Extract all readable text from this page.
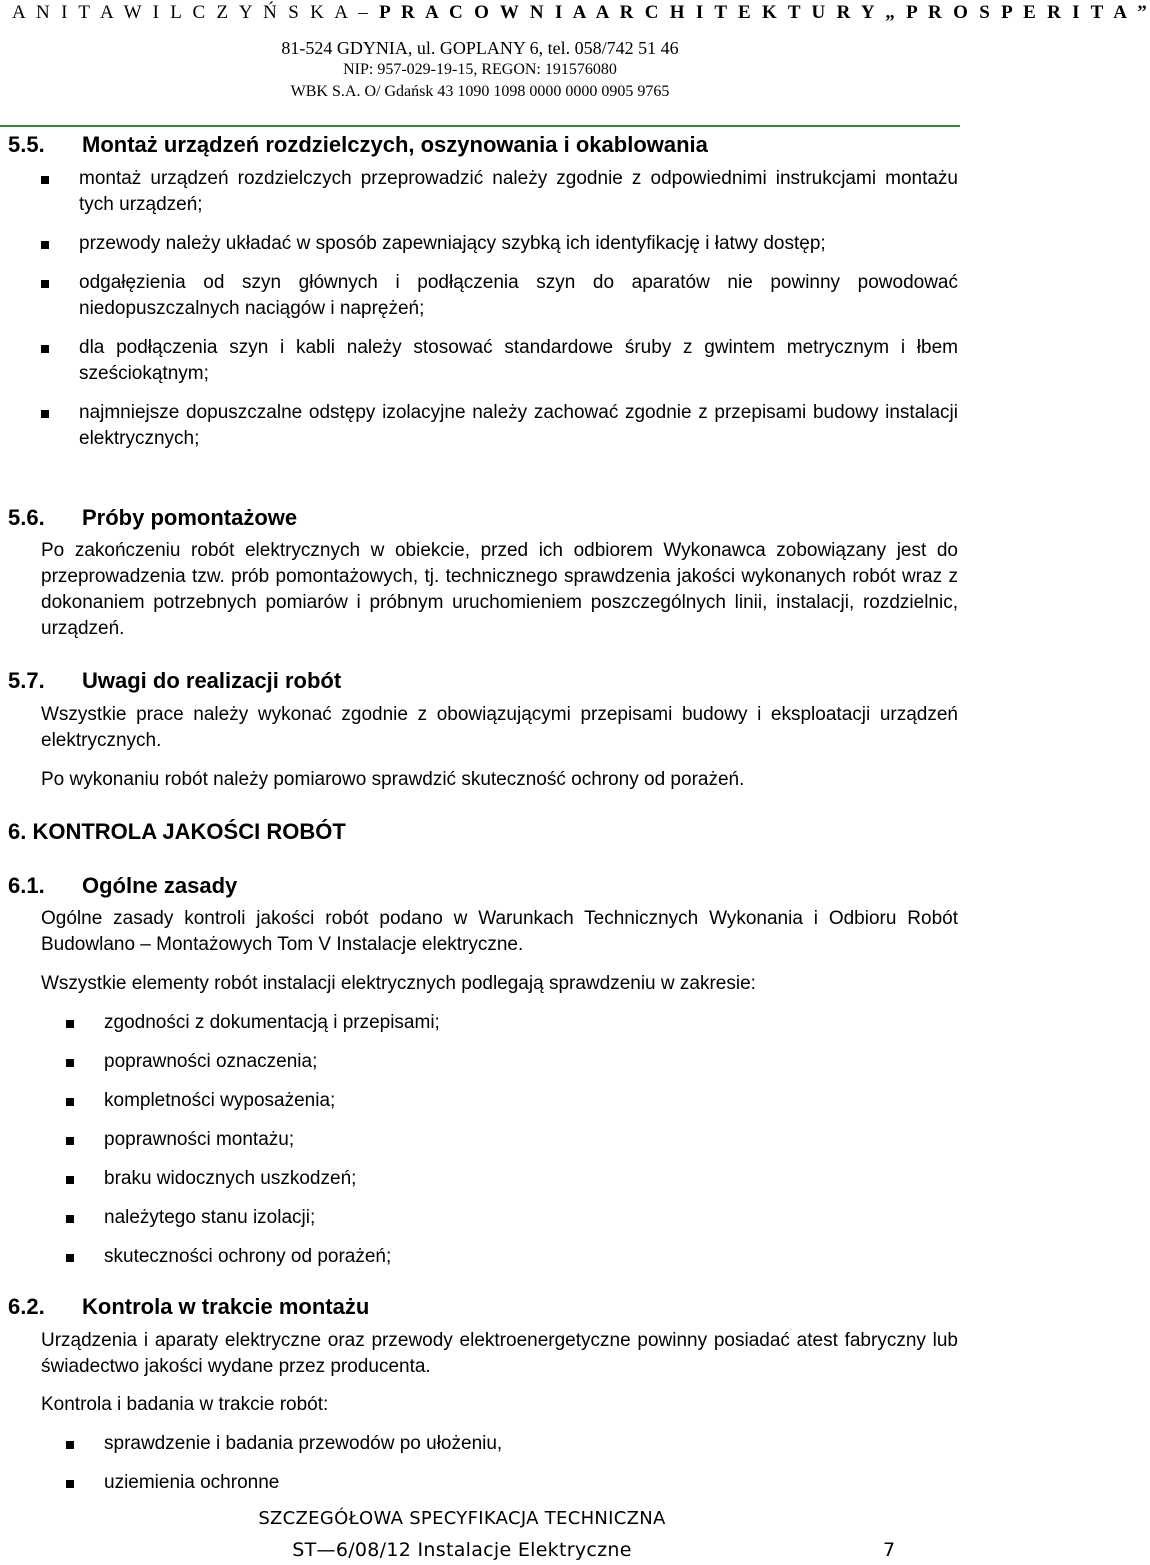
A N I T A W I L C Z Y Ń S K A – P R A C O W N I A A R C H I T E K T U R Y „ P R O S P E R I T A ”
81-524 GDYNIA, ul. GOPLANY 6, tel. 058/742 51 46
NIP: 957-029-19-15, REGON: 191576080
WBK S.A. O/ Gdańsk 43 1090 1098 0000 0000 0905 9765
5.5. Montaż urządzeń rozdzielczych, oszynowania i okablowania
montaż urządzeń rozdzielczych przeprowadzić należy zgodnie z odpowiednimi instrukcjami montażu tych urządzeń;
przewody należy układać w sposób zapewniający szybką ich identyfikację i łatwy dostęp;
odgałęzienia od szyn głównych i podłączenia szyn do aparatów nie powinny powodować niedopuszczalnych naciągów i naprężeń;
dla podłączenia szyn i kabli należy stosować standardowe śruby z gwintem metrycznym i łbem sześciokątnym;
najmniejsze dopuszczalne odstępy izolacyjne należy zachować zgodnie z przepisami budowy instalacji elektrycznych;
5.6. Próby pomontażowe
Po zakończeniu robót elektrycznych w obiekcie, przed ich odbiorem Wykonawca zobowiązany jest do przeprowadzenia tzw. prób pomontażowych, tj. technicznego sprawdzenia jakości wykonanych robót wraz z dokonaniem potrzebnych pomiarów i próbnym uruchomieniem poszczególnych linii, instalacji, rozdzielnic, urządzeń.
5.7. Uwagi do realizacji robót
Wszystkie prace należy wykonać zgodnie z obowiązującymi przepisami budowy i eksploatacji urządzeń elektrycznych.
Po wykonaniu robót należy pomiarowo sprawdzić skuteczność ochrony od porażeń.
6. KONTROLA JAKOŚCI ROBÓT
6.1. Ogólne zasady
Ogólne zasady kontroli jakości robót podano w Warunkach Technicznych Wykonania i Odbioru Robót Budowlano – Montażowych Tom V Instalacje elektryczne.
Wszystkie elementy robót instalacji elektrycznych podlegają sprawdzeniu w zakresie:
zgodności z dokumentacją i przepisami;
poprawności oznaczenia;
kompletności wyposażenia;
poprawności montażu;
braku widocznych uszkodzeń;
należytego stanu izolacji;
skuteczności ochrony od porażeń;
6.2. Kontrola w trakcie montażu
Urządzenia i aparaty elektryczne oraz przewody elektroenergetyczne powinny posiadać atest fabryczny lub świadectwo jakości wydane przez producenta.
Kontrola i badania w trakcie robót:
sprawdzenie i badania przewodów po ułożeniu,
uziemienia ochronne
SZCZEGÓŁOWA SPECYFIKACJA TECHNICZNA
ST—6/08/12 Instalacje Elektryczne	7
